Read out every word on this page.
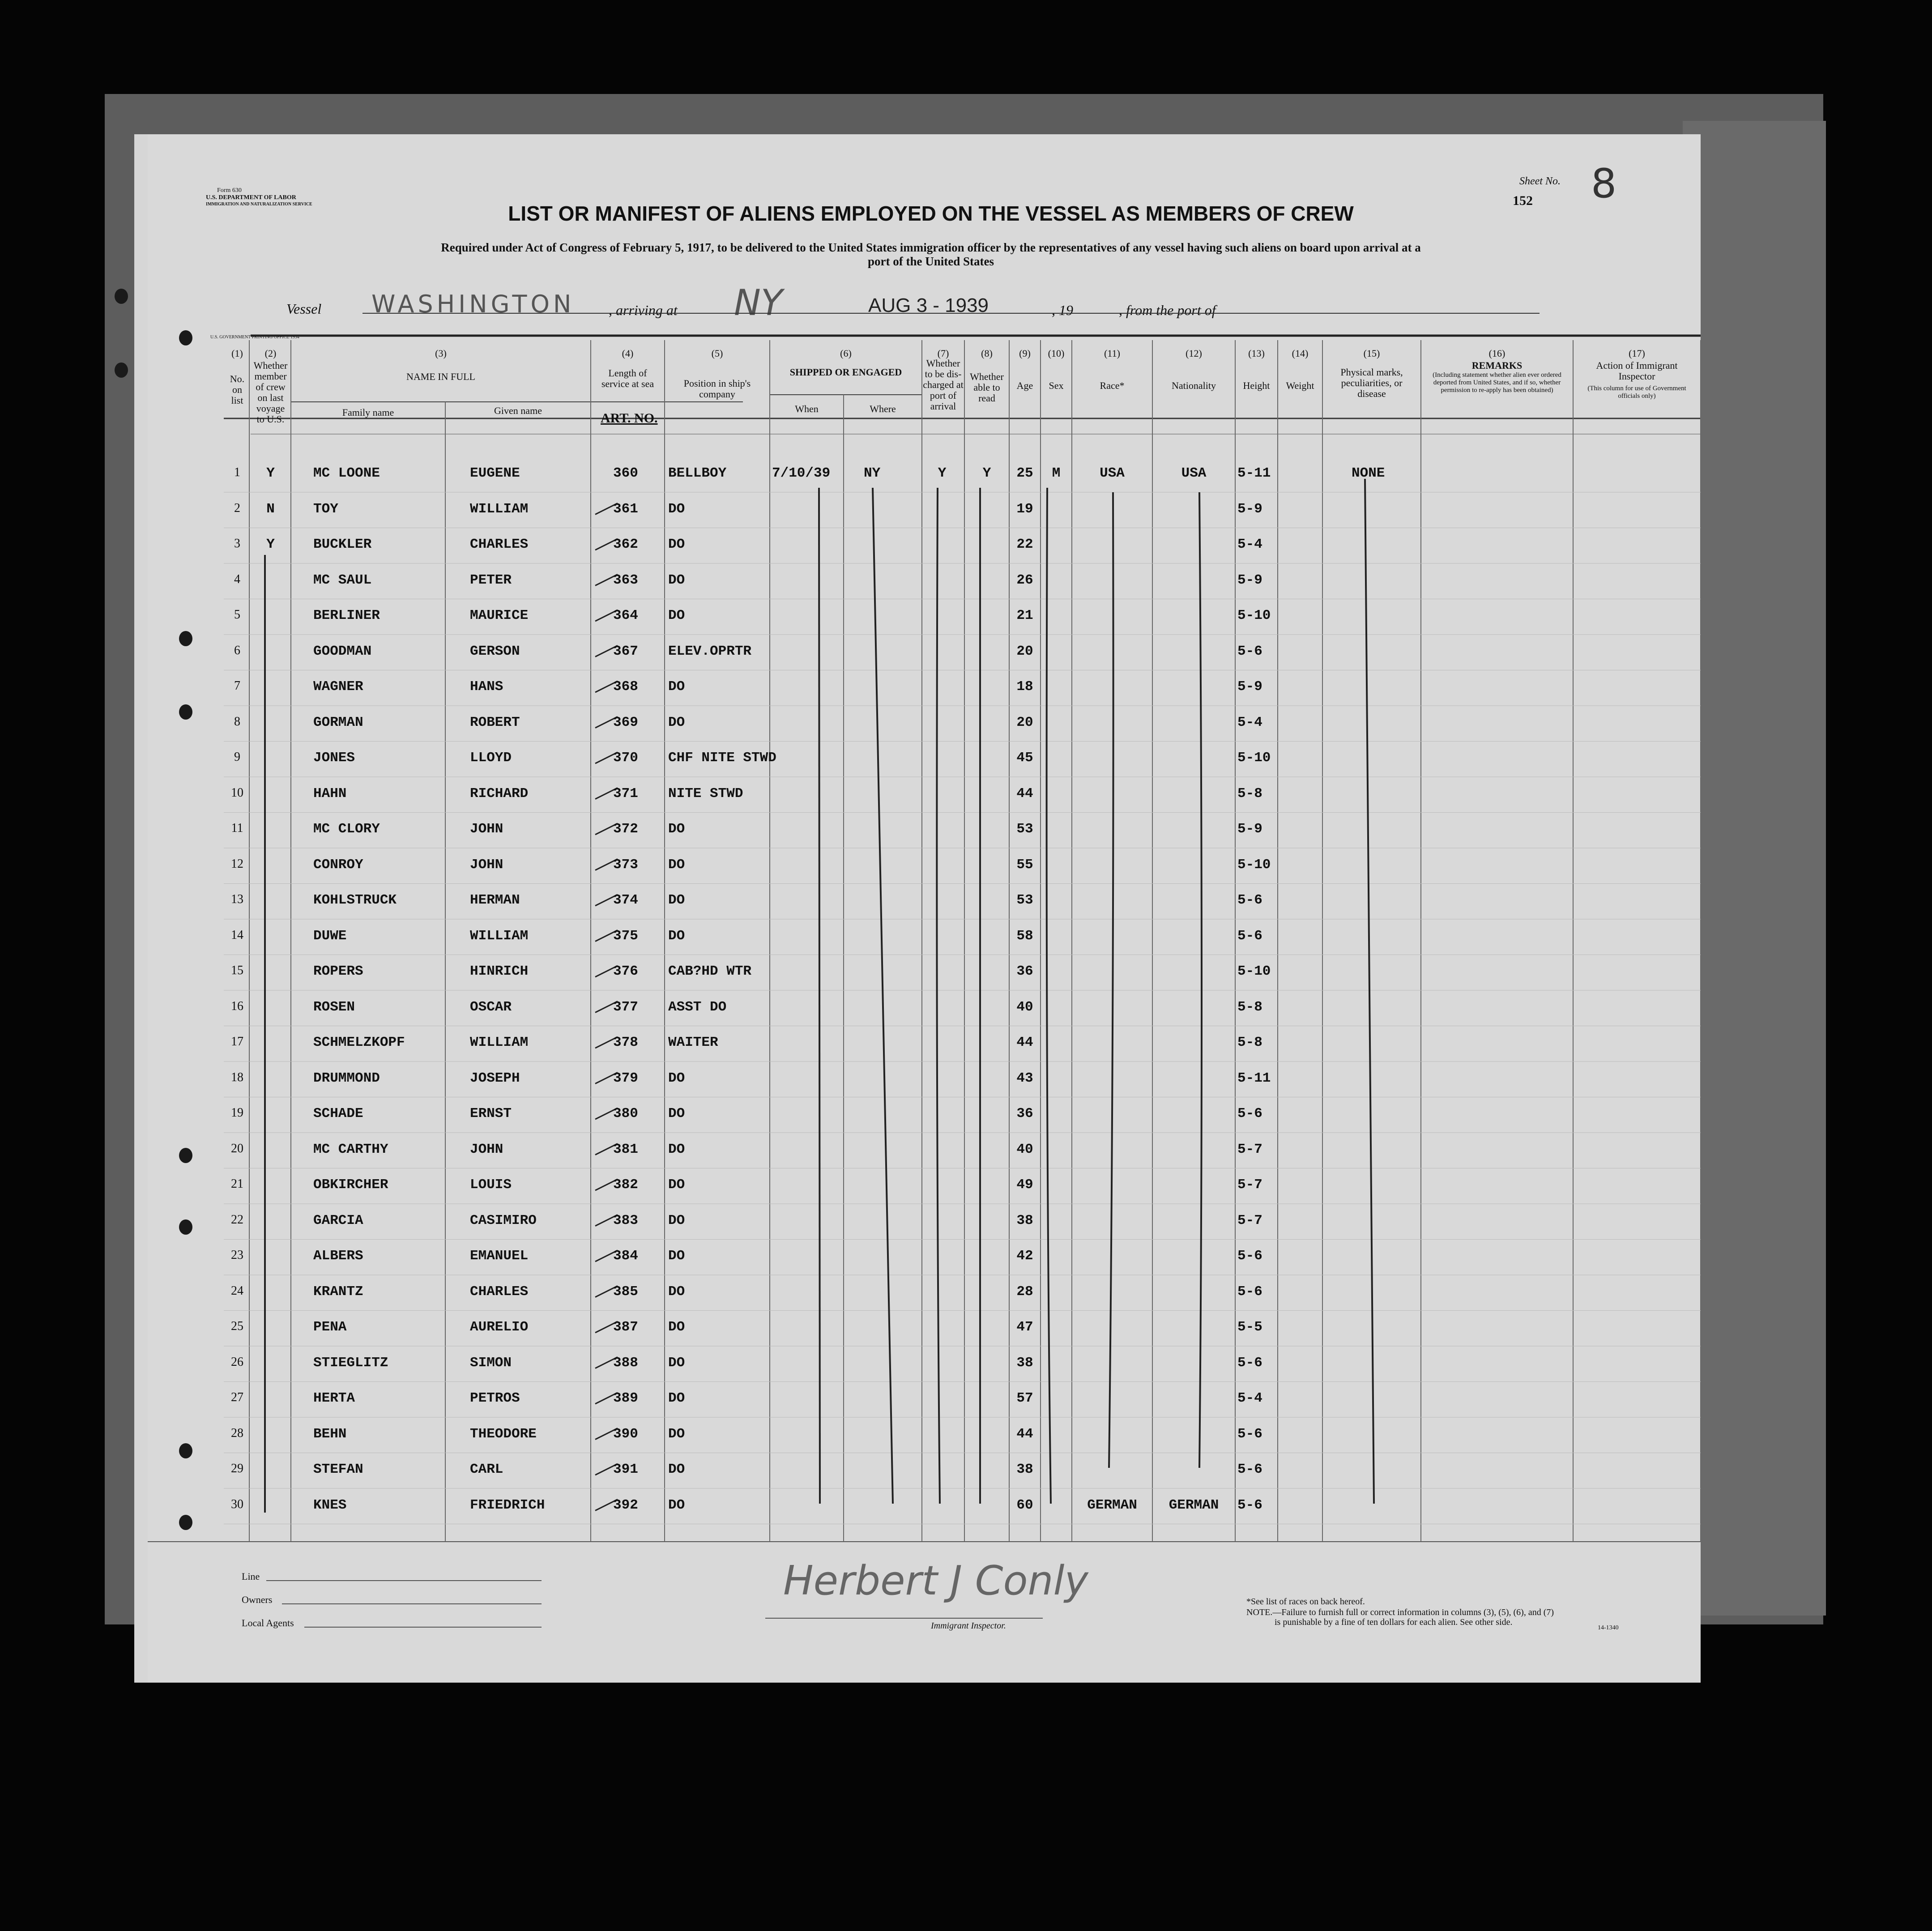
Form 630
U.S. DEPARTMENT OF LABOR
IMMIGRATION AND NATURALIZATION SERVICE	LIST OR MANIFEST OF ALIENS EMPLOYED ON THE VESSEL AS MEMBERS OF CREW
152
Sheet No. 8
Required under Act of Congress of February 5, 1917, to be delivered to the United States immigration officer by the representatives of any vessel having such aliens on board upon arrival at a
port of the United States
Vessel WASHINGTON , arriving at NY	AUG 3 - 1939	, 19	, from the port of
U.S. GOVERNMENT PRINTING OFFICE 1934
(1)
No. on list
(2)
Whether member of crew on last voyage to U.S.
(3)
NAME IN FULL
Family name	Given name
(4)
Length of service at sea
ART. NO.
(5)
Position in ship's company
(6)
SHIPPED OR ENGAGED
When	Where
(7)
Whether to be dis-charged at port of arrival
(8)
Whether able to read
(9)
Age
(10)
Sex
(11)
Race*
(12)
Nationality
(13)
Height
(14)
Weight
(15)
Physical marks, peculiarities, or disease
(16)
REMARKS
(Including statement whether alien ever ordered deported from United States, and if so, whether permission to re-apply has been obtained)
(17)
Action of Immigrant Inspector
(This column for use of Government officials only)
1	Y	MC LOONE	EUGENE	360 BELLBOY	7/10/39 NY	Y	Y	25	M	USA	USA	5-11	NONE
2	N	TOY	WILLIAM	361 DO	19	5-9
3	Y	BUCKLER	CHARLES	362 DO	22	5-4
4	MC SAUL	PETER	363 DO	26	5-9
5	BERLINER	MAURICE	364 DO	21	5-10
6	GOODMAN	GERSON	367 ELEV.OPRTR	20	5-6
7	WAGNER	HANS	368 DO	18	5-9
8	GORMAN	ROBERT	369 DO	20	5-4
9	JONES	LLOYD	370 CHF NITE STWD	45	5-10
10	HAHN	RICHARD	371 NITE STWD	44	5-8
11	MC CLORY	JOHN	372 DO	53	5-9
12	CONROY	JOHN	373 DO	55	5-10
13	KOHLSTRUCK	HERMAN	374 DO	53	5-6
14	DUWE	WILLIAM	375 DO	58	5-6
15	ROPERS	HINRICH	376 CAB?HD WTR	36	5-10
16	ROSEN	OSCAR	377 ASST DO	40	5-8
17	SCHMELZKOPF	WILLIAM	378 WAITER	44	5-8
18	DRUMMOND	JOSEPH	379 DO	43	5-11
19	SCHADE	ERNST	380 DO	36	5-6
20	MC CARTHY	JOHN	381 DO	40	5-7
21	OBKIRCHER	LOUIS	382 DO	49	5-7
22	GARCIA	CASIMIRO	383 DO	38	5-7
23	ALBERS	EMANUEL	384 DO	42	5-6
24	KRANTZ	CHARLES	385 DO	28	5-6
25	PENA	AURELIO	387 DO	47	5-5
26	STIEGLITZ	SIMON	388 DO	38	5-6
27	HERTA	PETROS	389 DO	57	5-4
28	BEHN	THEODORE	390 DO	44	5-6
29	STEFAN	CARL	391 DO	38	5-6
30	KNES	FRIEDRICH	392 DO	60	GERMAN	GERMAN	5-6
Line
Owners
Local Agents
Herbert J Conly
Immigrant Inspector.
*See list of races on back hereof.
NOTE.—Failure to furnish full or correct information in columns (3), (5), (6), and (7)
is punishable by a fine of ten dollars for each alien. See other side.
14-1340
